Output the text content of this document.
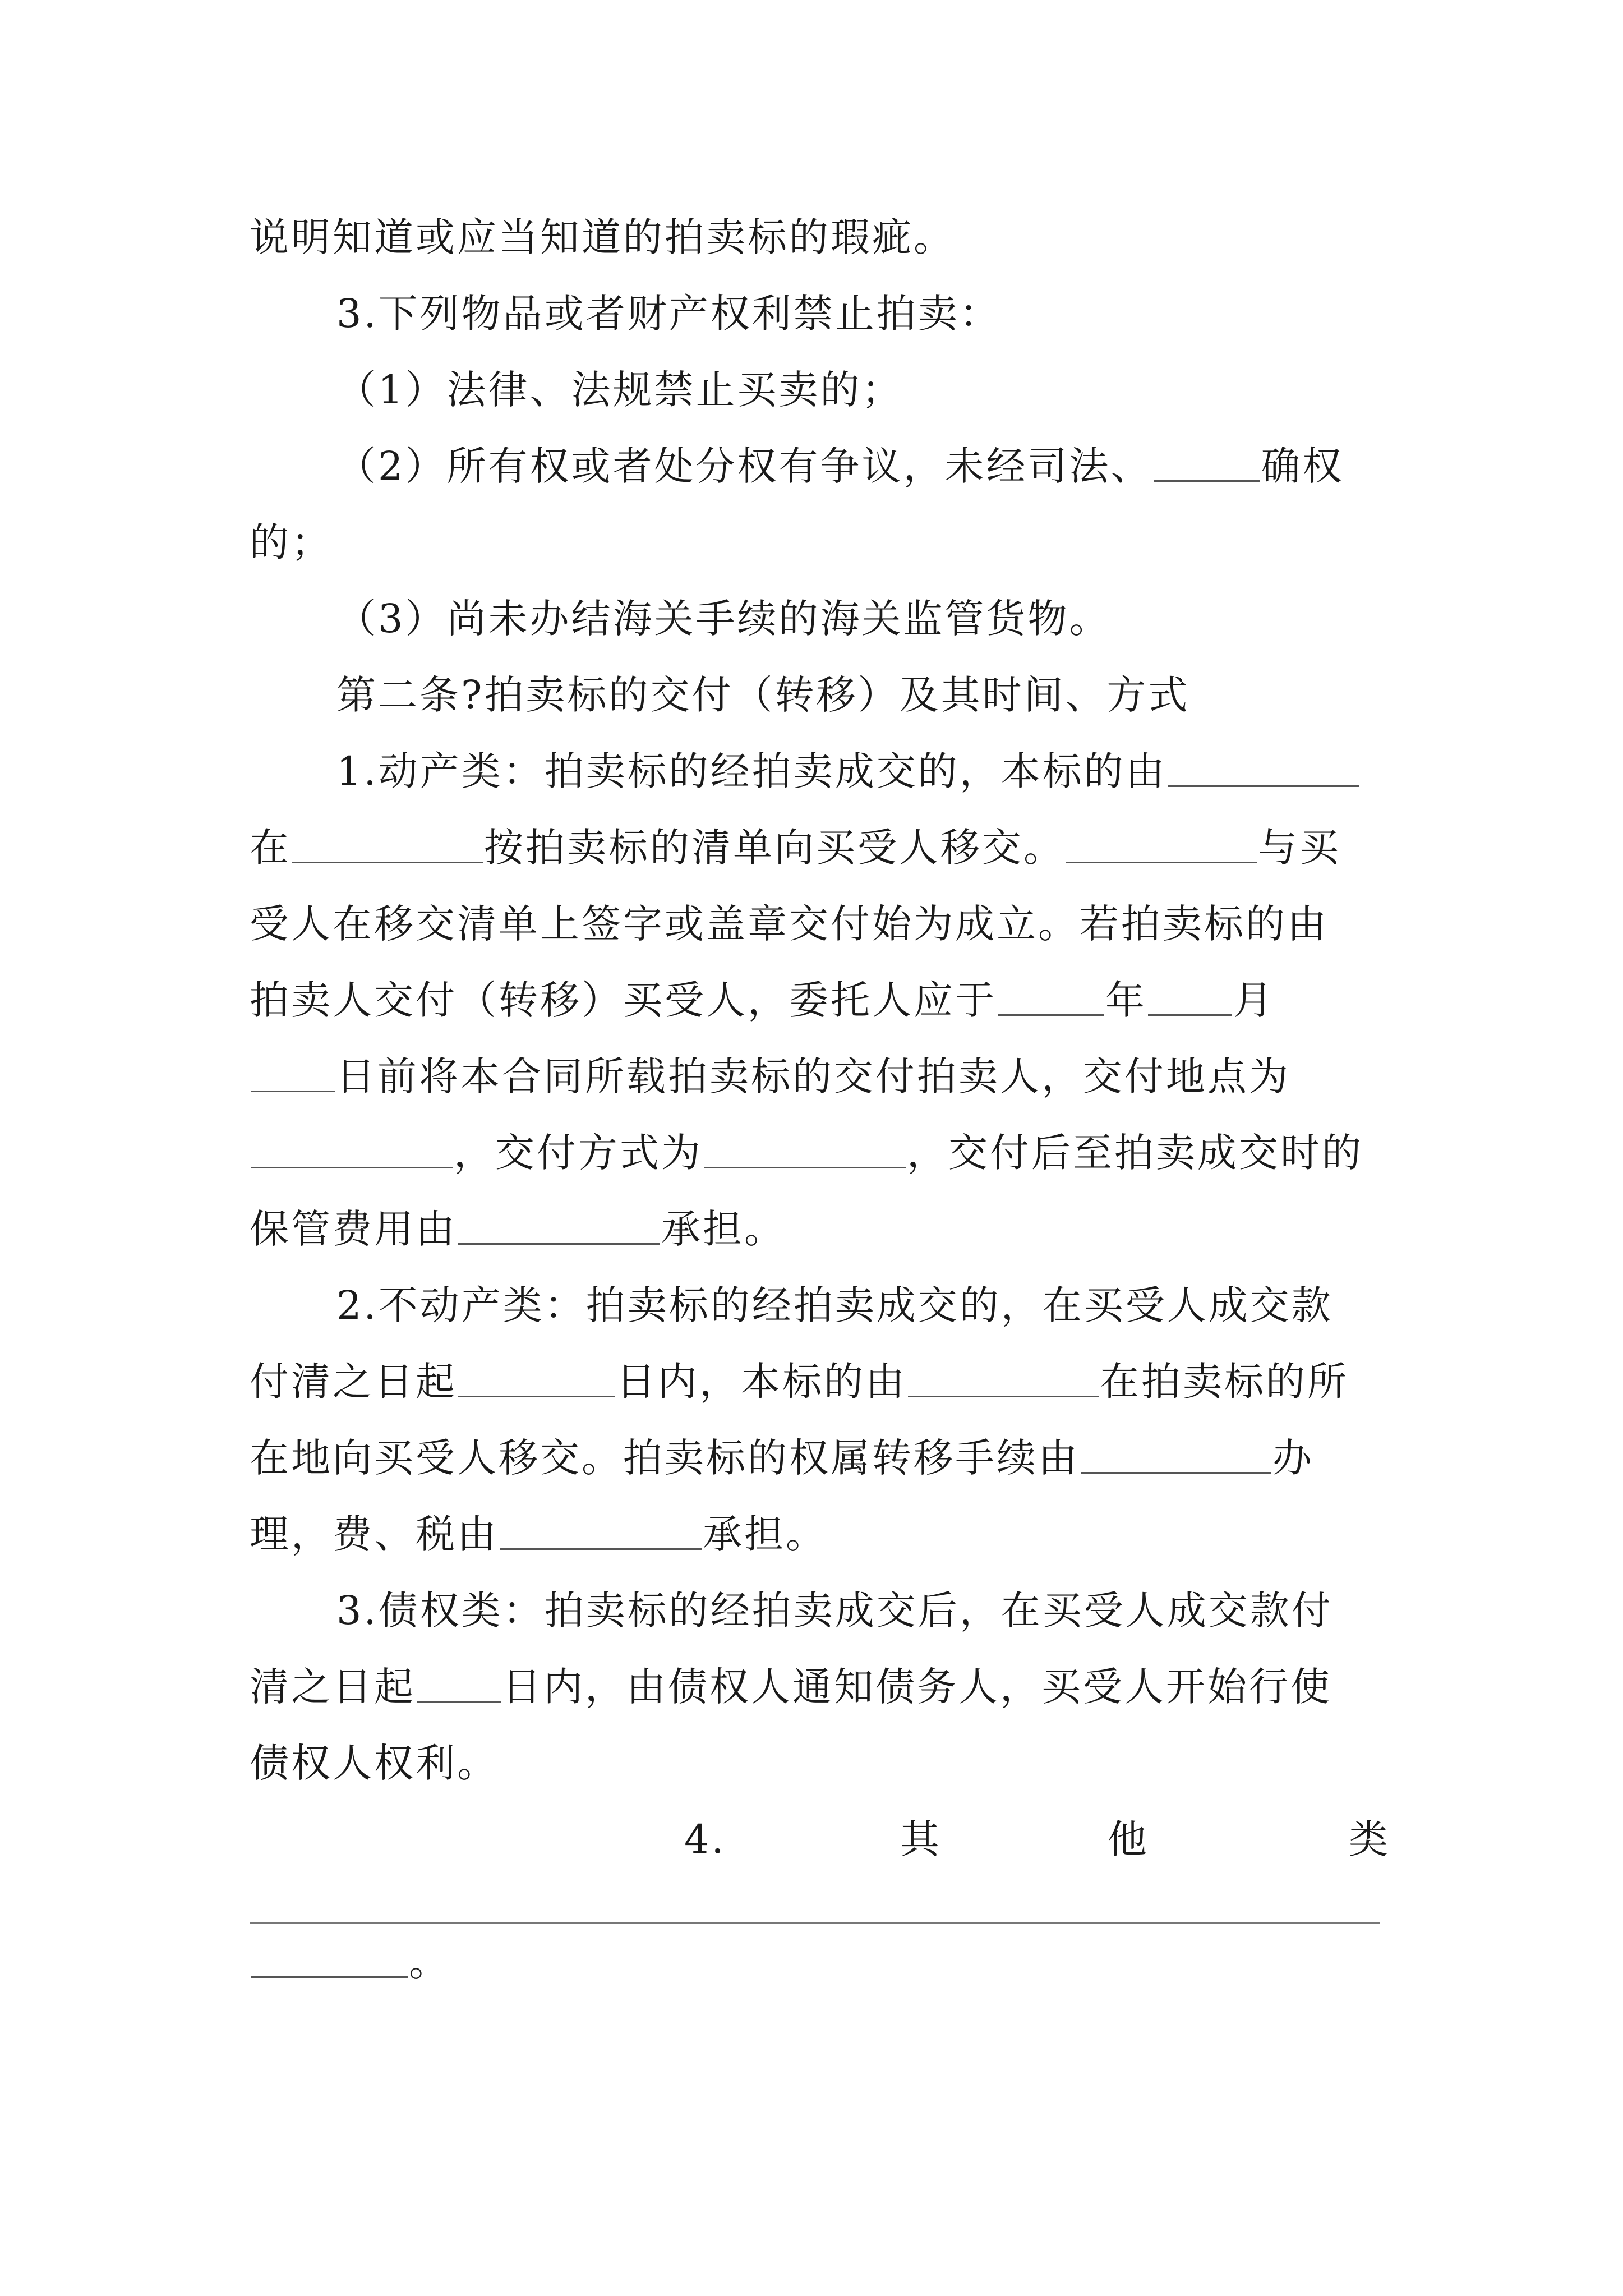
说明知道或应当知道的拍卖标的瑕疵。
3.下列物品或者财产权利禁止拍卖：
（1）法律、法规禁止买卖的；
（2）所有权或者处分权有争议，未经司法、	确权
的；
（3）尚未办结海关手续的海关监管货物。
第二条?拍卖标的交付（转移）及其时间、方式
1.动产类：拍卖标的经拍卖成交的，本标的由
在	按拍卖标的清单向买受人移交。	与买
受人在移交清单上签字或盖章交付始为成立。若拍卖标的由
拍卖人交付（转移）买受人，委托人应于	年 月
日前将本合同所载拍卖标的交付拍卖人，交付地点为
，交付方式为	，交付后至拍卖成交时的
保管费用由	承担。
2.不动产类：拍卖标的经拍卖成交的，在买受人成交款
付清之日起	日内，本标的由	在拍卖标的所
在地向买受人移交。拍卖标的权属转移手续由	办
理，费、税由	承担。
3.债权类：拍卖标的经拍卖成交后，在买受人成交款付
清之日起 日内，由债权人通知债务人，买受人开始行使
债权人权利。
4.	其	他	类
。
